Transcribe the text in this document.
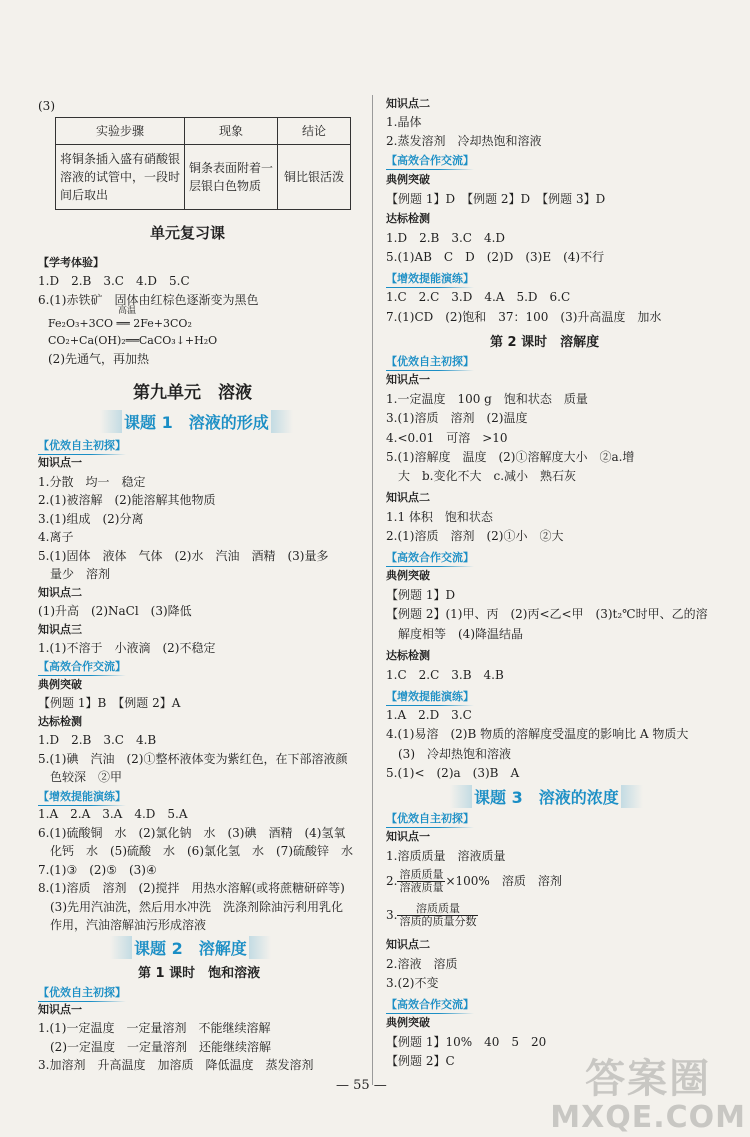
(3)
实验步骤	现象	结论
将铜条插入盛有硝酸银溶液的试管中，一段时间后取出	铜条表面附着一层银白色物质	铜比银活泼
单元复习课
【学考体验】
1.D　2.B　3.C　4.D　5.C
6.(1)赤铁矿　固体由红棕色逐渐变为黑色
高温
Fe₂O₃+3CO ══ 2Fe+3CO₂
CO₂+Ca(OH)₂══CaCO₃↓+H₂O
(2)先通气，再加热
第九单元　溶液
课题 1　溶液的形成
【优效自主初探】
知识点一
1.分散　均一　稳定
2.(1)被溶解　(2)能溶解其他物质
3.(1)组成　(2)分离
4.离子
5.(1)固体　液体　气体　(2)水　汽油　酒精　(3)量多
量少　溶剂
知识点二
(1)升高　(2)NaCl　(3)降低
知识点三
1.(1)不溶于　小液滴　(2)不稳定
【高效合作交流】
典例突破
【例题 1】B　【例题 2】A
达标检测
1.D　2.B　3.C　4.B
5.(1)碘　汽油　(2)①整杯液体变为紫红色，在下部溶液颜
色较深　②甲
【增效提能演练】
1.A　2.A　3.A　4.D　5.A
6.(1)硫酸铜　水　(2)氯化钠　水　(3)碘　酒精　(4)氢氧
化钙　水　(5)硫酸　水　(6)氯化氢　水　(7)硫酸锌　水
7.(1)③　(2)⑤　(3)④
8.(1)溶质　溶剂　(2)搅拌　用热水溶解(或将蔗糖研碎等)
(3)先用汽油洗，然后用水冲洗　洗涤剂除油污利用乳化
作用，汽油溶解油污形成溶液
课题 2　溶解度
第 1 课时　饱和溶液
【优效自主初探】
知识点一
1.(1)一定温度　一定量溶剂　不能继续溶解
(2)一定温度　一定量溶剂　还能继续溶解
3.加溶剂　升高温度　加溶质　降低温度　蒸发溶剂
知识点二
1.晶体
2.蒸发溶剂　冷却热饱和溶液
【高效合作交流】
典例突破
【例题 1】D　【例题 2】D　【例题 3】D
达标检测
1.D　2.B　3.C　4.D
5.(1)AB　C　D　(2)D　(3)E　(4)不行
【增效提能演练】
1.C　2.C　3.D　4.A　5.D　6.C
7.(1)CD　(2)饱和　37：100　(3)升高温度　加水
第 2 课时　溶解度
【优效自主初探】
知识点一
1.一定温度　100 g　饱和状态　质量
3.(1)溶质　溶剂　(2)温度
4.<0.01　可溶　>10
5.(1)溶解度　温度　(2)①溶解度大小　②a.增
大　b.变化不大　c.减小　熟石灰
知识点二
1.1 体积　饱和状态
2.(1)溶质　溶剂　(2)①小　②大
【高效合作交流】
典例突破
【例题 1】D
【例题 2】(1)甲、丙　(2)丙<乙<甲　(3)t₂℃时甲、乙的溶
解度相等　(4)降温结晶
达标检测
1.C　2.C　3.B　4.B
【增效提能演练】
1.A　2.D　3.C
4.(1)易溶　(2)B 物质的溶解度受温度的影响比 A 物质大
(3)　冷却热饱和溶液
5.(1)<　(2)a　(3)B　A
课题 3　溶液的浓度
【优效自主初探】
知识点一
1.溶质质量　溶液质量
2. $\frac{\text{溶质质量}}{\text{溶液质量}} \times 100\%$　溶质　溶剂
3. $\frac{\text{溶质质量}}{\text{溶质的质量分数}}$
知识点二
2.溶液　溶质
3.(2)不变
【高效合作交流】
典例突破
【例题 1】10%　40　5　20
【例题 2】C
— 55 —	答案圈
MXQE.COM
